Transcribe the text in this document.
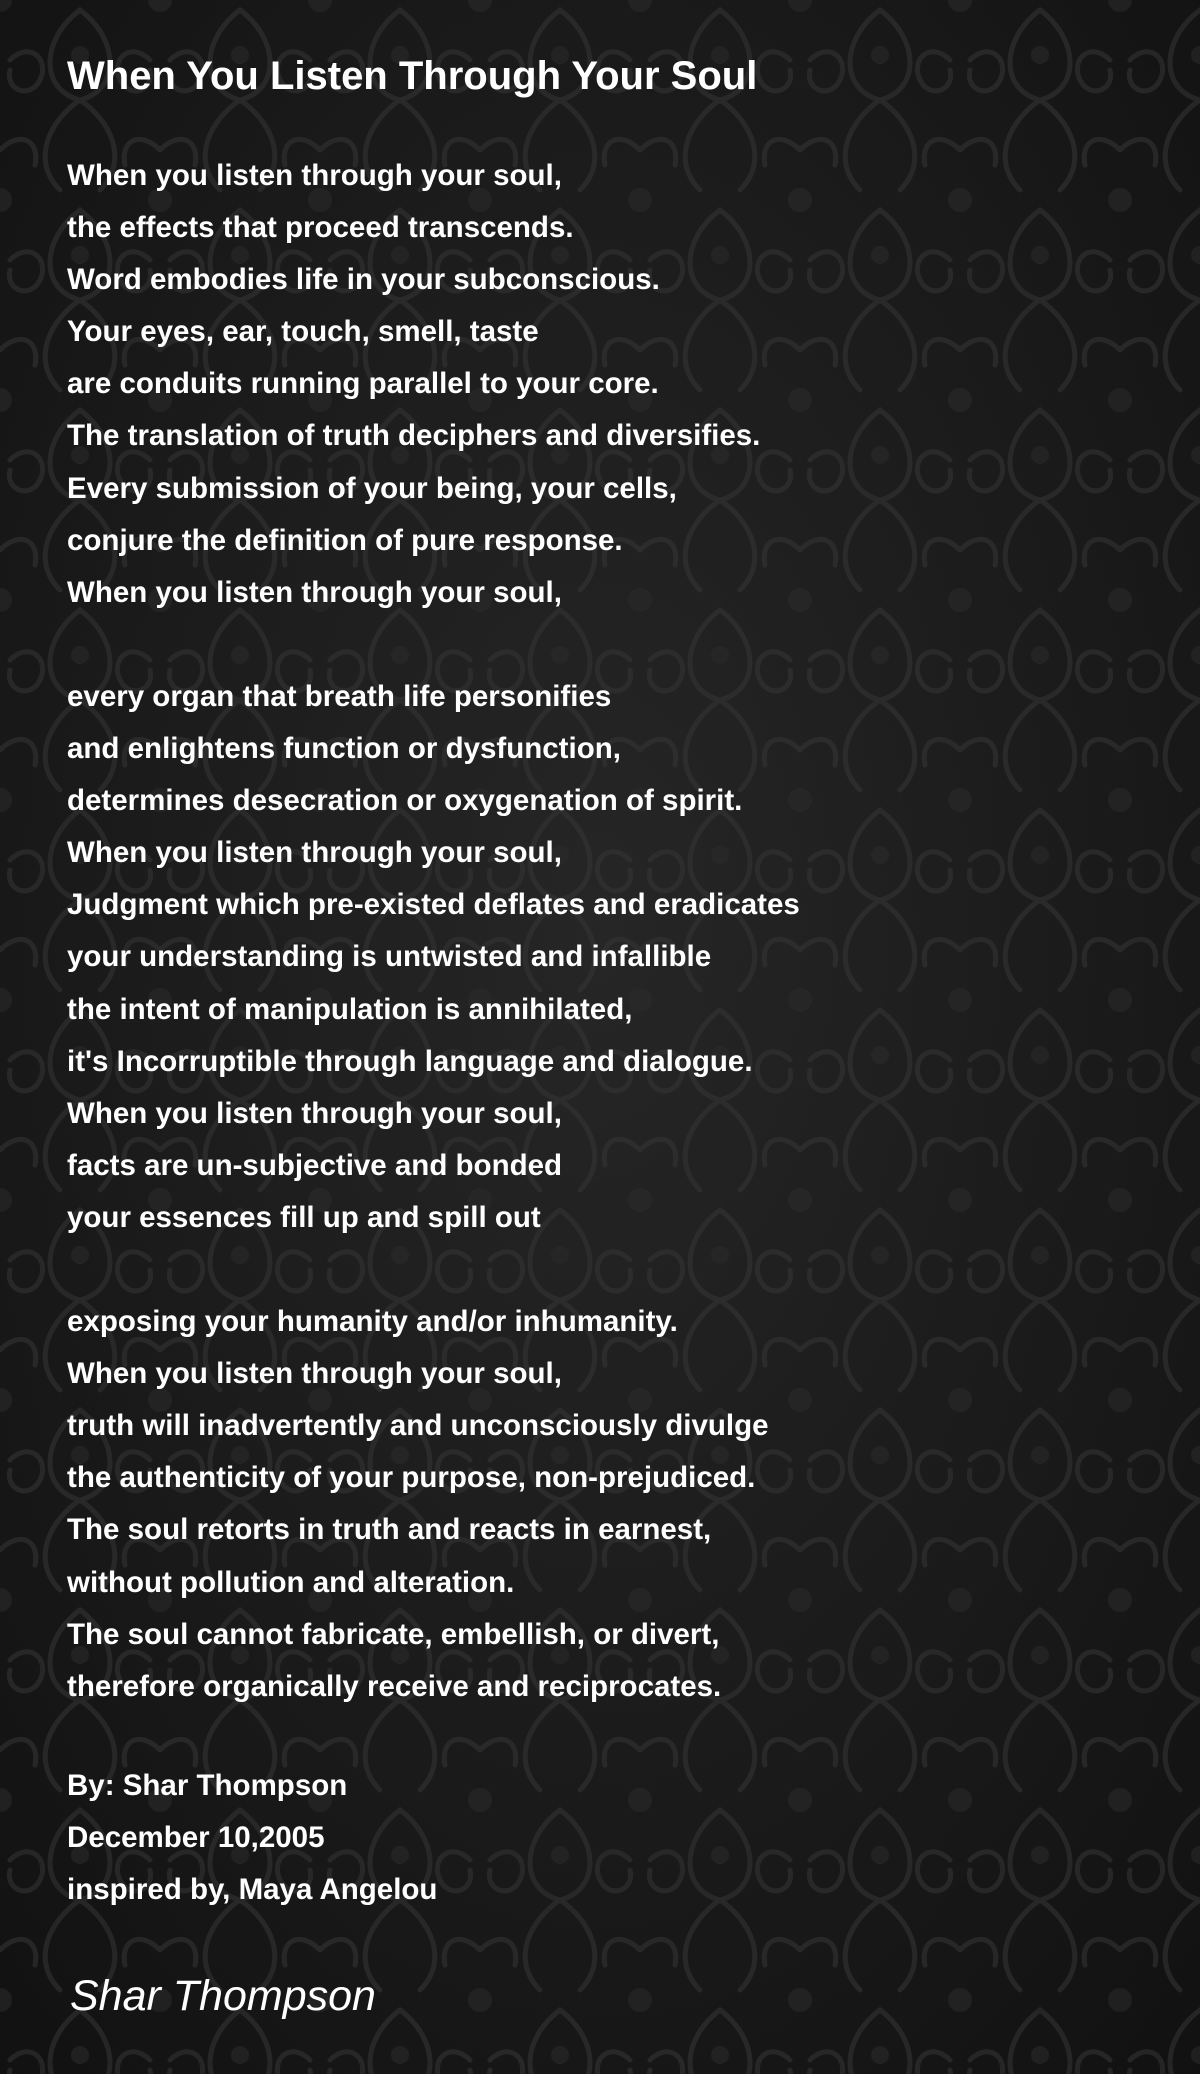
When You Listen Through Your Soul
When you listen through your soul,
the effects that proceed transcends.
Word embodies life in your subconscious.
Your eyes, ear, touch, smell, taste
are conduits running parallel to your core.
The translation of truth deciphers and diversifies.
Every submission of your being, your cells,
conjure the definition of pure response.
When you listen through your soul,
every organ that breath life personifies
and enlightens function or dysfunction,
determines desecration or oxygenation of spirit.
When you listen through your soul,
Judgment which pre-existed deflates and eradicates
your understanding is untwisted and infallible
the intent of manipulation is annihilated,
it's Incorruptible through language and dialogue.
When you listen through your soul,
facts are un-subjective and bonded
your essences fill up and spill out
exposing your humanity and/or inhumanity.
When you listen through your soul,
truth will inadvertently and unconsciously divulge
the authenticity of your purpose, non-prejudiced.
The soul retorts in truth and reacts in earnest,
without pollution and alteration.
The soul cannot fabricate, embellish, or divert,
therefore organically receive and reciprocates.
By: Shar Thompson
December 10,2005
inspired by, Maya Angelou
Shar Thompson
